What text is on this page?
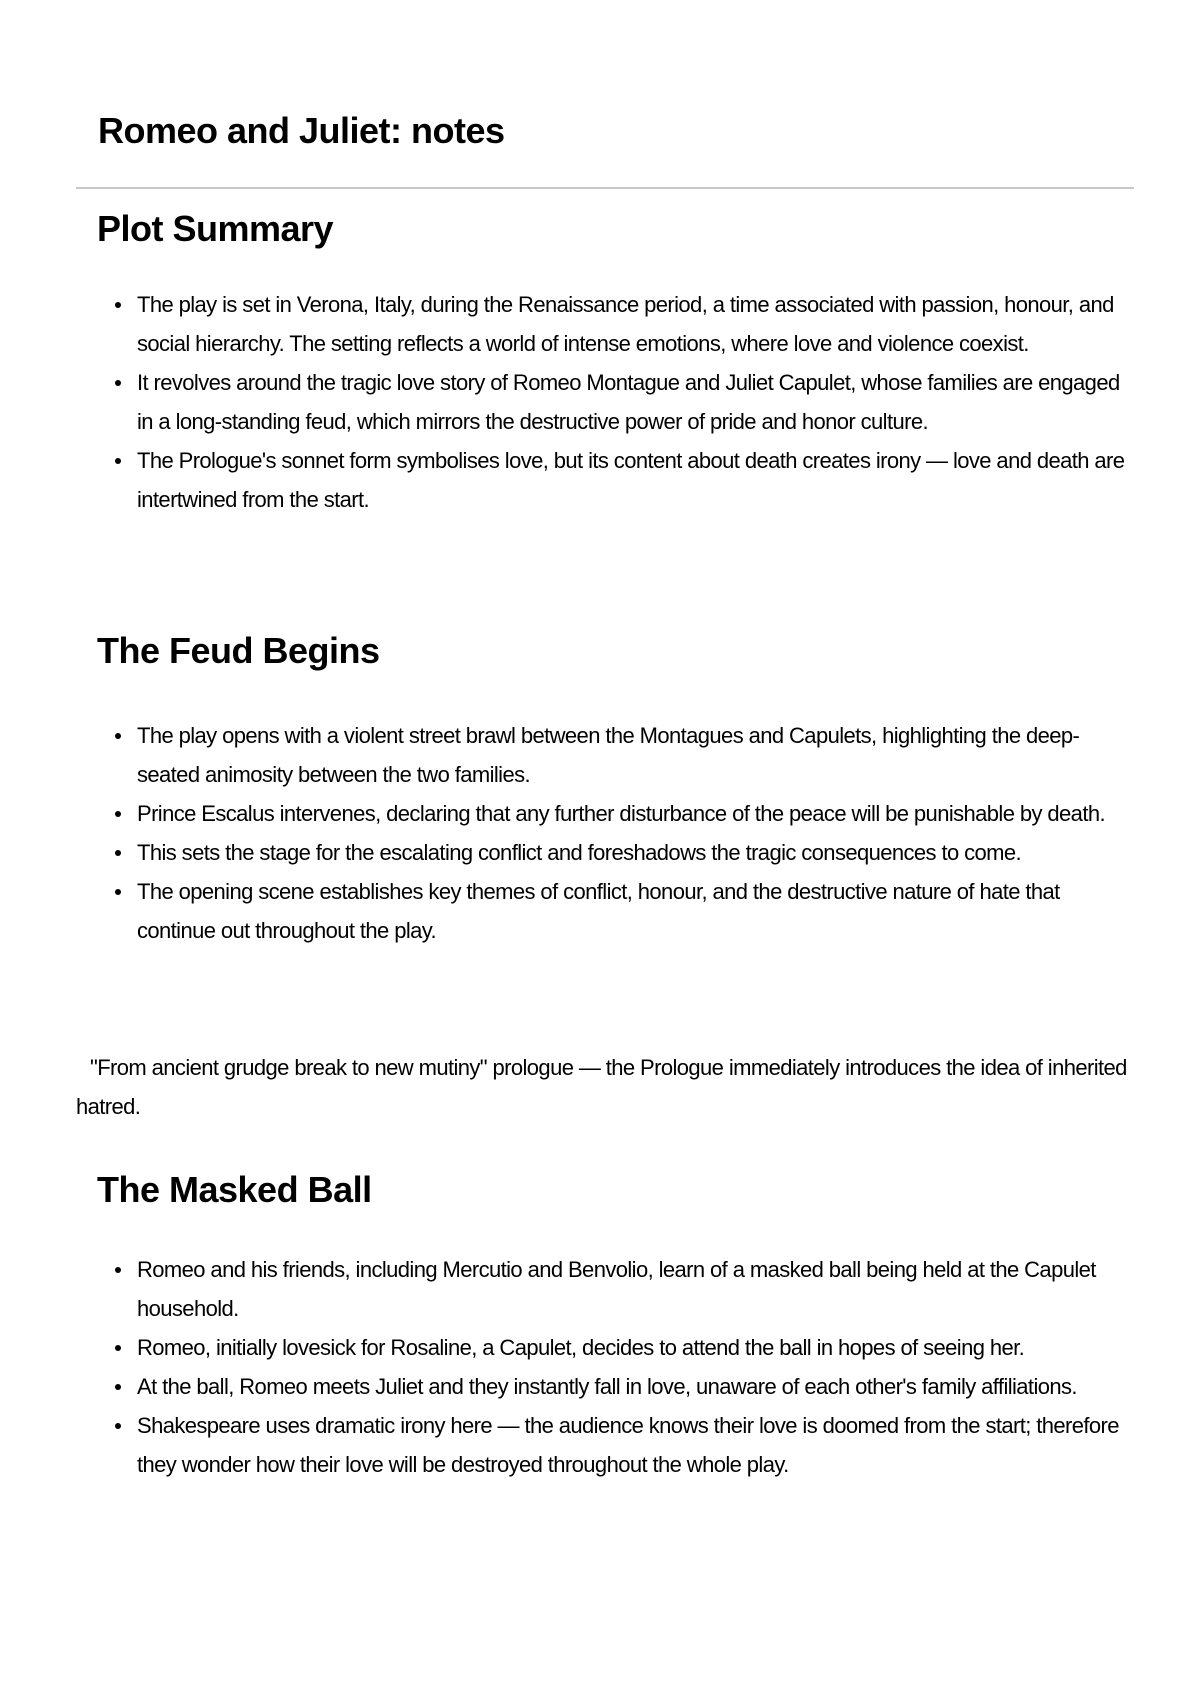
Romeo and Juliet: notes
Plot Summary
The play is set in Verona, Italy, during the Renaissance period, a time associated with passion, honour, and social hierarchy. The setting reflects a world of intense emotions, where love and violence coexist.
It revolves around the tragic love story of Romeo Montague and Juliet Capulet, whose families are engaged in a long-standing feud, which mirrors the destructive power of pride and honor culture.
The Prologue's sonnet form symbolises love, but its content about death creates irony — love and death are intertwined from the start.
The Feud Begins
The play opens with a violent street brawl between the Montagues and Capulets, highlighting the deep-seated animosity between the two families.
Prince Escalus intervenes, declaring that any further disturbance of the peace will be punishable by death.
This sets the stage for the escalating conflict and foreshadows the tragic consequences to come.
The opening scene establishes key themes of conflict, honour, and the destructive nature of hate that continue out throughout the play.

"From ancient grudge break to new mutiny" prologue — the Prologue immediately introduces the idea of inherited hatred.

The Masked Ball
Romeo and his friends, including Mercutio and Benvolio, learn of a masked ball being held at the Capulet household.
Romeo, initially lovesick for Rosaline, a Capulet, decides to attend the ball in hopes of seeing her.
At the ball, Romeo meets Juliet and they instantly fall in love, unaware of each other's family affiliations.
Shakespeare uses dramatic irony here — the audience knows their love is doomed from the start; therefore they wonder how their love will be destroyed throughout the whole play.
